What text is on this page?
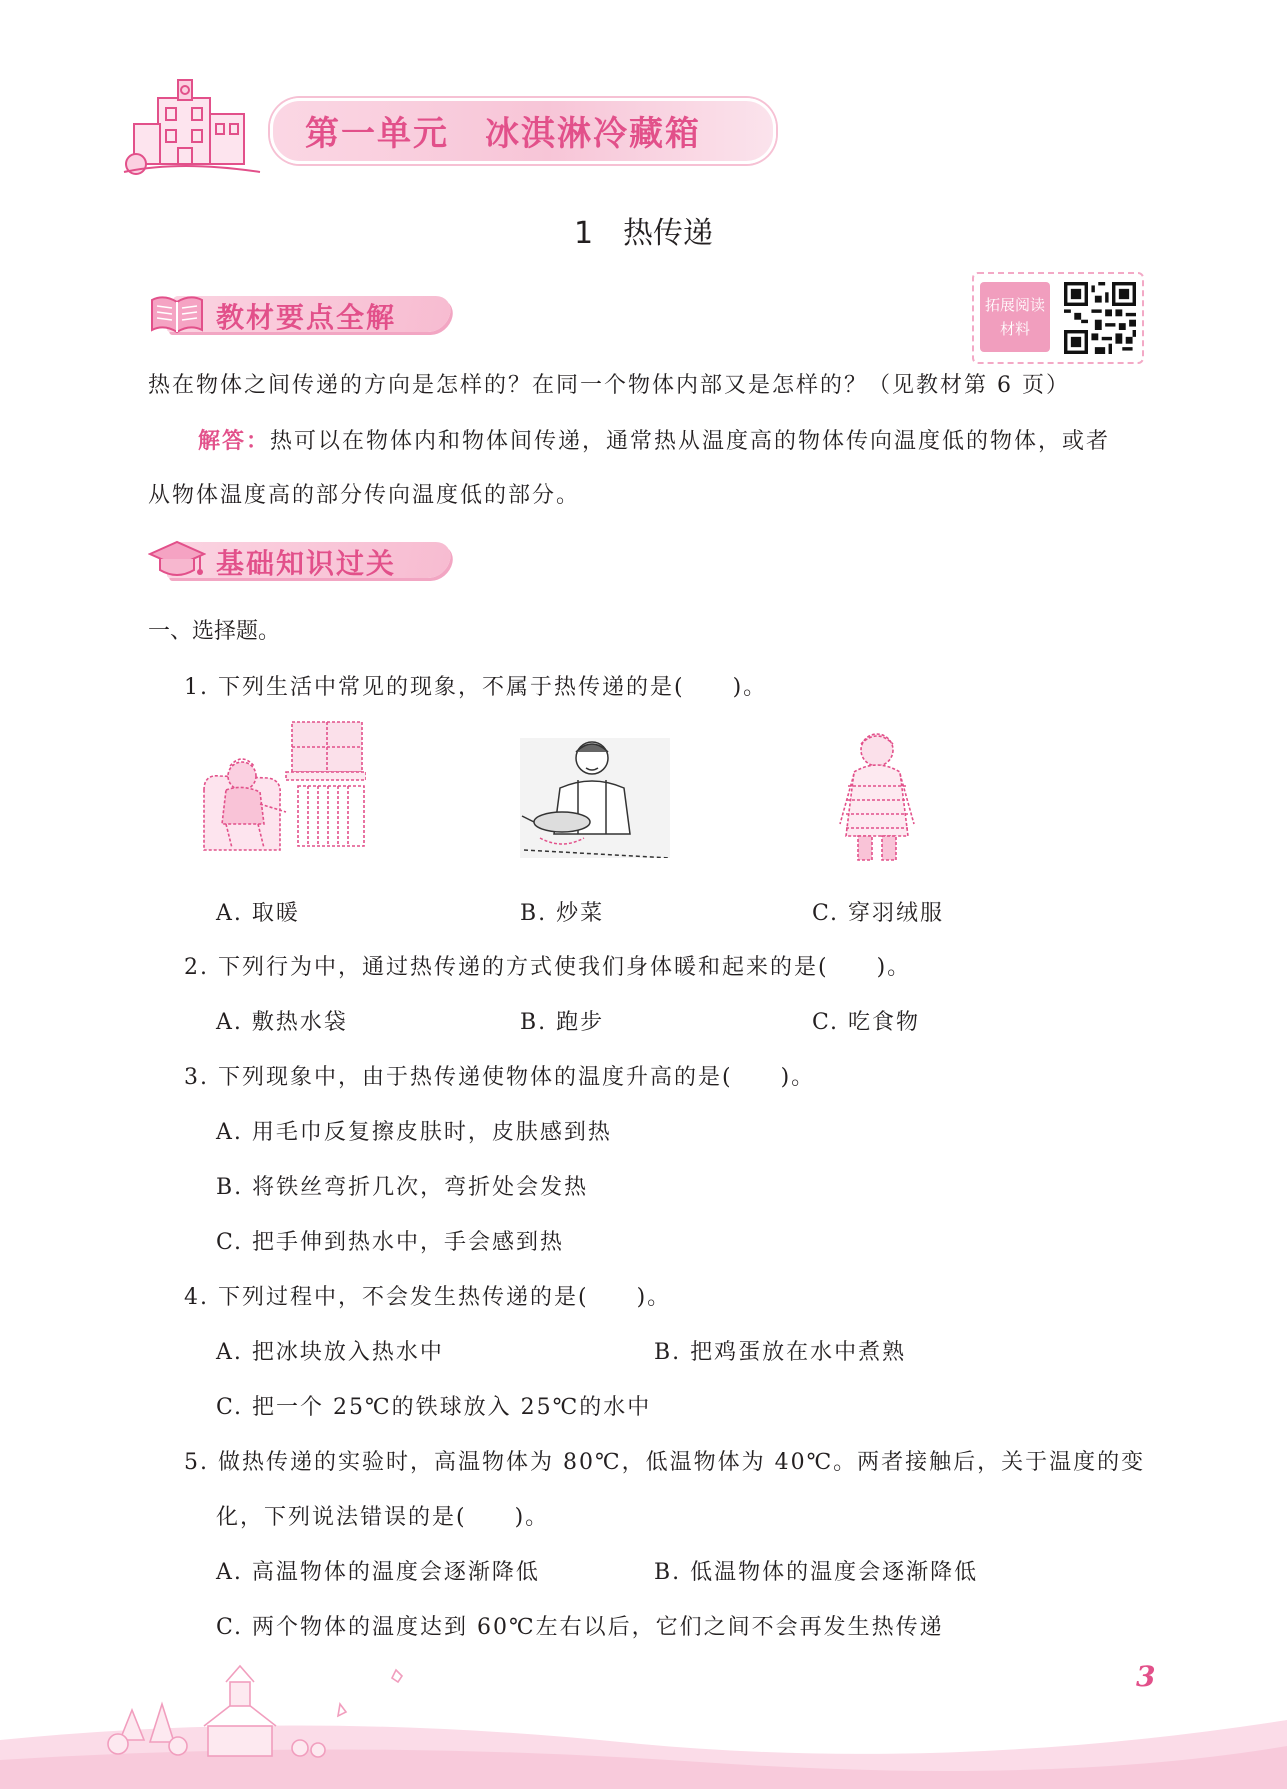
第一单元　冰淇淋冷藏箱
1　热传递
教材要点全解	拓展阅读
材料
热在物体之间传递的方向是怎样的？在同一个物体内部又是怎样的？（见教材第 6 页）
解答：热可以在物体内和物体间传递，通常热从温度高的物体传向温度低的物体，或者
从物体温度高的部分传向温度低的部分。
基础知识过关
一、选择题。
1. 下列生活中常见的现象，不属于热传递的是(　　)。
A. 取暖	B. 炒菜	C. 穿羽绒服
2. 下列行为中，通过热传递的方式使我们身体暖和起来的是(　　)。
A. 敷热水袋	B. 跑步	C. 吃食物
3. 下列现象中，由于热传递使物体的温度升高的是(　　)。
A. 用毛巾反复擦皮肤时，皮肤感到热
B. 将铁丝弯折几次，弯折处会发热
C. 把手伸到热水中，手会感到热
4. 下列过程中，不会发生热传递的是(　　)。
A. 把冰块放入热水中	B. 把鸡蛋放在水中煮熟
C. 把一个 25℃的铁球放入 25℃的水中
5. 做热传递的实验时，高温物体为 80℃，低温物体为 40℃。两者接触后，关于温度的变
化，下列说法错误的是(　　)。
A. 高温物体的温度会逐渐降低	B. 低温物体的温度会逐渐降低
C. 两个物体的温度达到 60℃左右以后，它们之间不会再发生热传递
3
